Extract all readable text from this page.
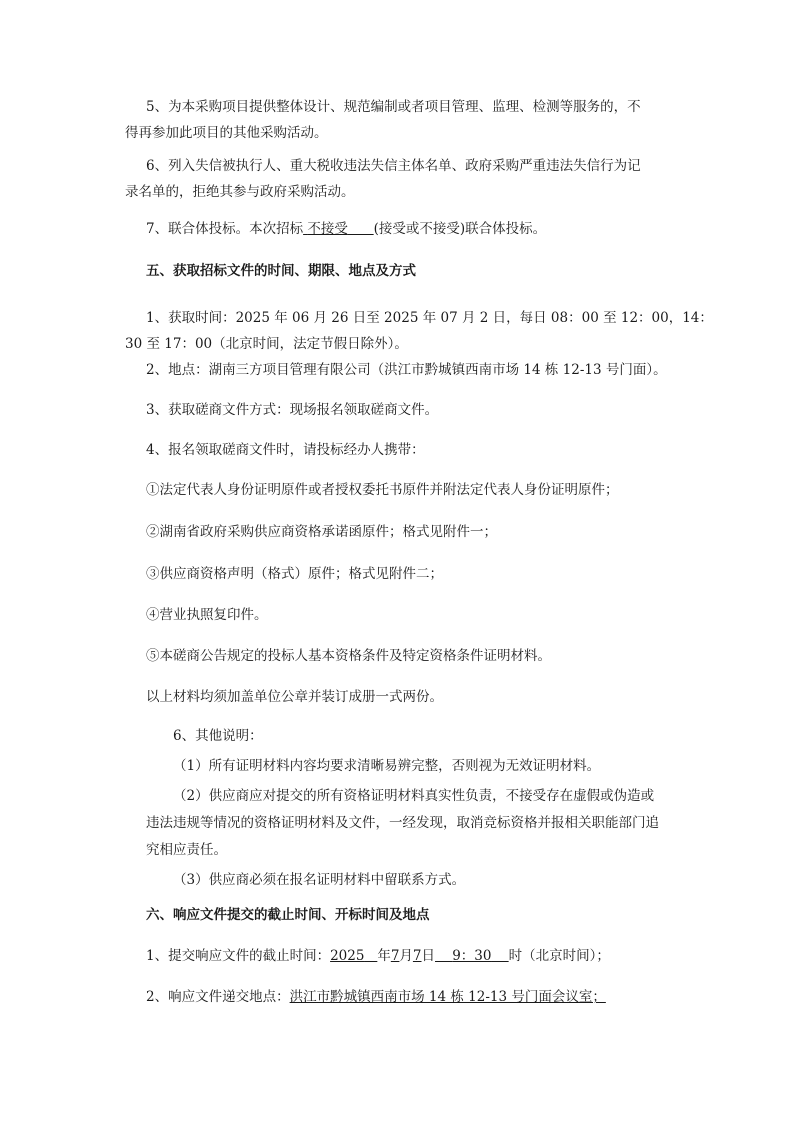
5、为本采购项目提供整体设计、规范编制或者项目管理、监理、检测等服务的，不

得再参加此项目的其他采购活动。

6、列入失信被执行人、重大税收违法失信主体名单、政府采购严重违法失信行为记

录名单的，拒绝其参与政府采购活动。

7、联合体投标。本次招标 不接受 (接受或不接受)联合体投标。

五、获取招标文件的时间、期限、地点及方式

1、获取时间：2025 年 06 月 26 日至 2025 年 07 月 2 日，每日 08：00 至 12：00，14：

30 至 17：00（北京时间，法定节假日除外）。

2、地点：湖南三方项目管理有限公司（洪江市黔城镇西南市场 14 栋 12-13 号门面）。

3、获取磋商文件方式：现场报名领取磋商文件。

4、报名领取磋商文件时，请投标经办人携带：

①法定代表人身份证明原件或者授权委托书原件并附法定代表人身份证明原件；

②湖南省政府采购供应商资格承诺函原件；格式见附件一；

③供应商资格声明（格式）原件；格式见附件二；

④营业执照复印件。

⑤本磋商公告规定的投标人基本资格条件及特定资格条件证明材料。

以上材料均须加盖单位公章并装订成册一式两份。

6、其他说明：

（1）所有证明材料内容均要求清晰易辨完整，否则视为无效证明材料。

（2）供应商应对提交的所有资格证明材料真实性负责，不接受存在虚假或伪造或

违法违规等情况的资格证明材料及文件，一经发现，取消竞标资格并报相关职能部门追

究相应责任。

（3）供应商必须在报名证明材料中留联系方式。

六、响应文件提交的截止时间、开标时间及地点

1、提交响应文件的截止时间：2025 年7月7日 9：30 时（北京时间）；

2、响应文件递交地点：洪江市黔城镇西南市场 14 栋 12-13 号门面会议室；
